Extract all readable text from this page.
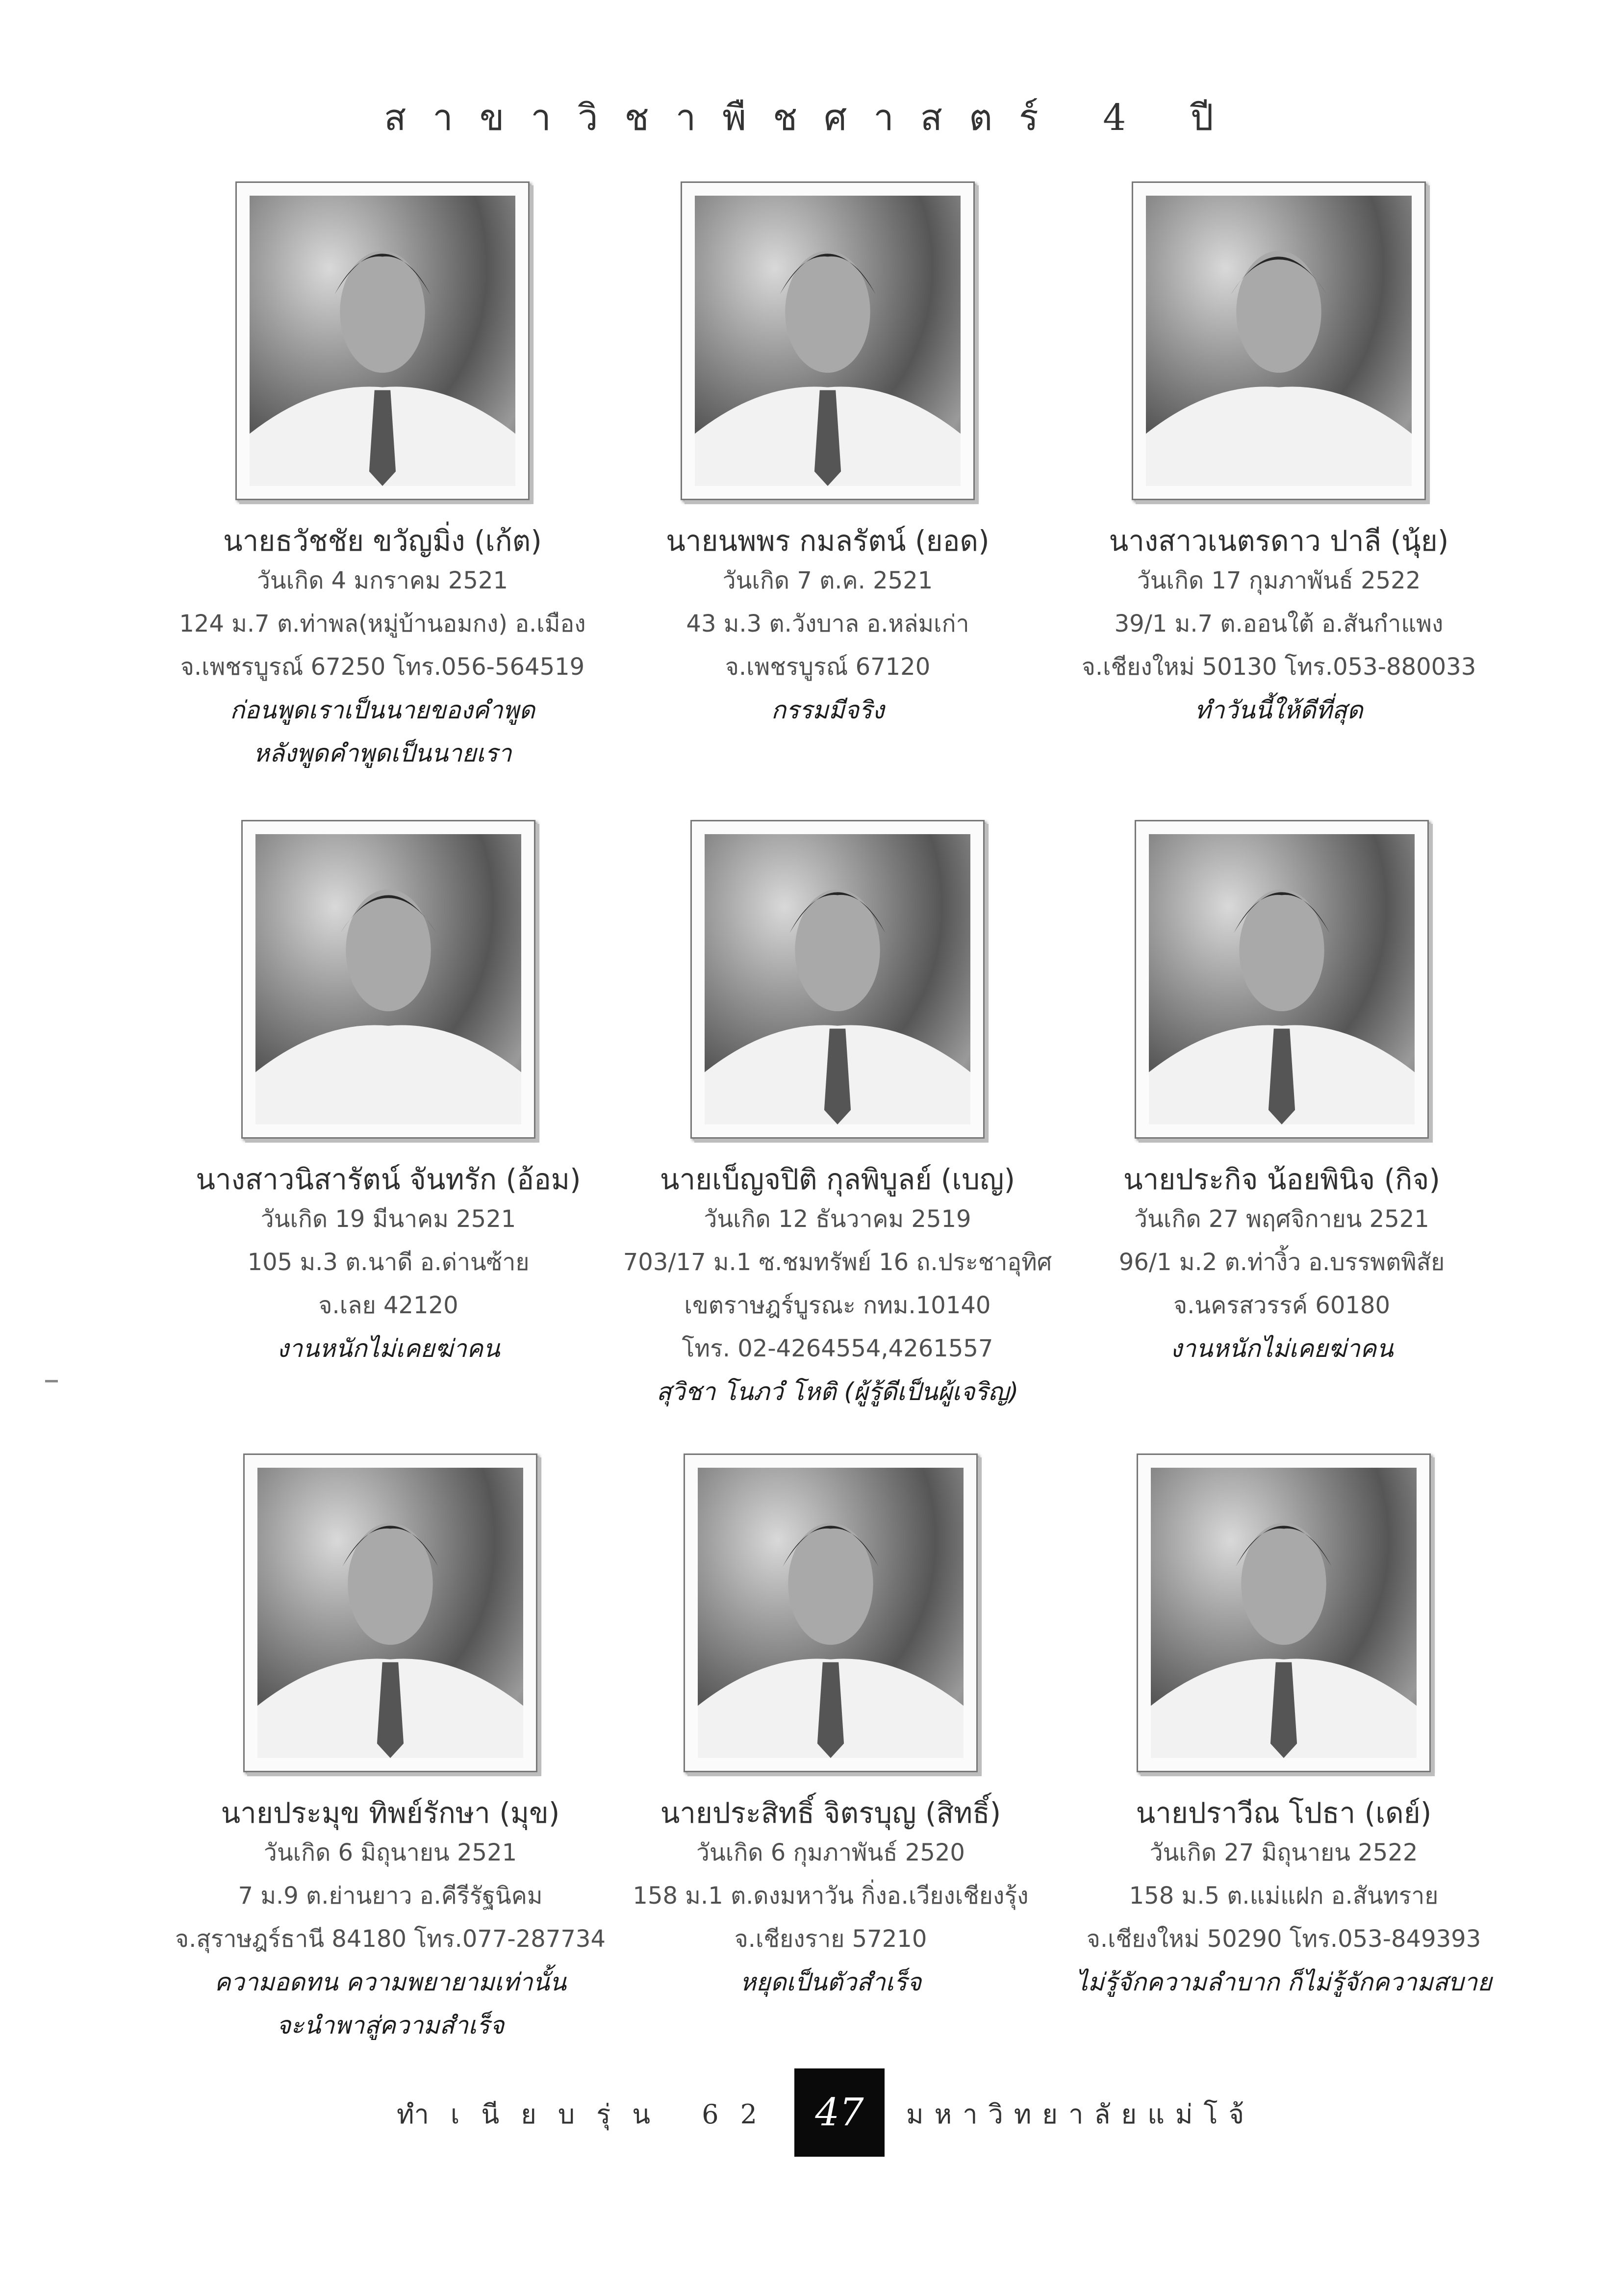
สาขาวิชาพืชศาสตร์ 4 ปี
นายธวัชชัย ขวัญมิ่ง (เก้ต)
วันเกิด 4 มกราคม 2521
124 ม.7 ต.ท่าพล(หมู่บ้านอมกง) อ.เมือง
จ.เพชรบูรณ์ 67250 โทร.056-564519
ก่อนพูดเราเป็นนายของคำพูด
หลังพูดคำพูดเป็นนายเรา
นายนพพร กมลรัตน์ (ยอด)
วันเกิด 7 ต.ค. 2521
43 ม.3 ต.วังบาล อ.หล่มเก่า
จ.เพชรบูรณ์ 67120
กรรมมีจริง
นางสาวเนตรดาว ปาลี (นุ้ย)
วันเกิด 17 กุมภาพันธ์ 2522
39/1 ม.7 ต.ออนใต้ อ.สันกำแพง
จ.เชียงใหม่ 50130 โทร.053-880033
ทำวันนี้ให้ดีที่สุด
นางสาวนิสารัตน์ จันทรัก (อ้อม)
วันเกิด 19 มีนาคม 2521
105 ม.3 ต.นาดี อ.ด่านซ้าย
จ.เลย 42120
งานหนักไม่เคยฆ่าคน
นายเบ็ญจปิติ กุลพิบูลย์ (เบญ)
วันเกิด 12 ธันวาคม 2519
703/17 ม.1 ซ.ชมทรัพย์ 16 ถ.ประชาอุทิศ
เขตราษฎร์บูรณะ กทม.10140
โทร. 02-4264554,4261557
สุวิชา โนภวํ โหติ (ผู้รู้ดีเป็นผู้เจริญ)
นายประกิจ น้อยพินิจ (กิจ)
วันเกิด 27 พฤศจิกายน 2521
96/1 ม.2 ต.ท่างิ้ว อ.บรรพตพิสัย
จ.นครสวรรค์ 60180
งานหนักไม่เคยฆ่าคน
นายประมุข ทิพย์รักษา (มุข)
วันเกิด 6 มิถุนายน 2521
7 ม.9 ต.ย่านยาว อ.คีรีรัฐนิคม
จ.สุราษฎร์ธานี 84180 โทร.077-287734
ความอดทน ความพยายามเท่านั้น
จะนำพาสู่ความสำเร็จ
นายประสิทธิ์ จิตรบุญ (สิทธิ์)
วันเกิด 6 กุมภาพันธ์ 2520
158 ม.1 ต.ดงมหาวัน กิ่งอ.เวียงเชียงรุ้ง
จ.เชียงราย 57210
หยุดเป็นตัวสำเร็จ
นายปราวีณ โปธา (เดย์)
วันเกิด 27 มิถุนายน 2522
158 ม.5 ต.แม่แฝก อ.สันทราย
จ.เชียงใหม่ 50290 โทร.053-849393
ไม่รู้จักความลำบาก ก็ไม่รู้จักความสบาย
ทำเนียบรุ่น 62 47	มหาวิทยาลัยแม่โจ้
